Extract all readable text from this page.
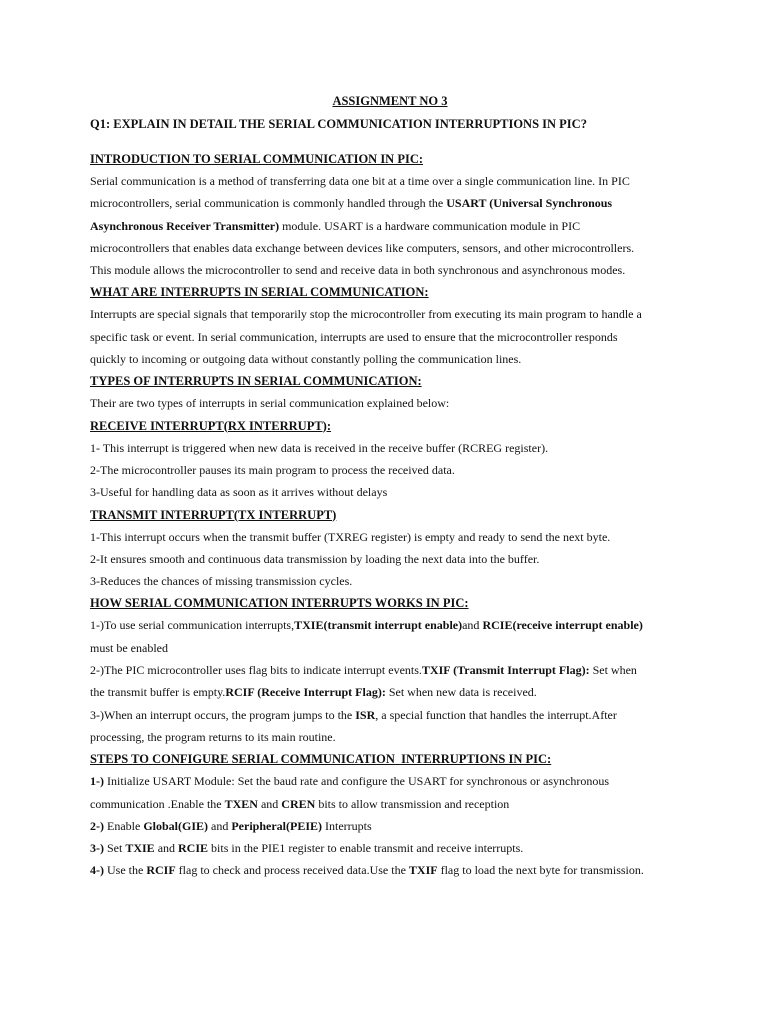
ASSIGNMENT NO 3
Q1: EXPLAIN IN DETAIL THE SERIAL COMMUNICATION INTERRUPTIONS IN PIC?
INTRODUCTION TO SERIAL COMMUNICATION IN PIC:
Serial communication is a method of transferring data one bit at a time over a single communication line. In PIC
microcontrollers, serial communication is commonly handled through the USART (Universal Synchronous
Asynchronous Receiver Transmitter) module. USART is a hardware communication module in PIC
microcontrollers that enables data exchange between devices like computers, sensors, and other microcontrollers.
This module allows the microcontroller to send and receive data in both synchronous and asynchronous modes.
WHAT ARE INTERRUPTS IN SERIAL COMMUNICATION:
Interrupts are special signals that temporarily stop the microcontroller from executing its main program to handle a
specific task or event. In serial communication, interrupts are used to ensure that the microcontroller responds
quickly to incoming or outgoing data without constantly polling the communication lines.
TYPES OF INTERRUPTS IN SERIAL COMMUNICATION:
Their are two types of interrupts in serial communication explained below:
RECEIVE INTERRUPT(RX INTERRUPT):
1- This interrupt is triggered when new data is received in the receive buffer (RCREG register).
2-The microcontroller pauses its main program to process the received data.
3-Useful for handling data as soon as it arrives without delays
TRANSMIT INTERRUPT(TX INTERRUPT)
1-This interrupt occurs when the transmit buffer (TXREG register) is empty and ready to send the next byte.
2-It ensures smooth and continuous data transmission by loading the next data into the buffer.
3-Reduces the chances of missing transmission cycles.
HOW SERIAL COMMUNICATION INTERRUPTS WORKS IN PIC:
1-)To use serial communication interrupts,TXIE(transmit interrupt enable)and RCIE(receive interrupt enable)
must be enabled
2-)The PIC microcontroller uses flag bits to indicate interrupt events.TXIF (Transmit Interrupt Flag): Set when
the transmit buffer is empty.RCIF (Receive Interrupt Flag): Set when new data is received.
3-)When an interrupt occurs, the program jumps to the ISR, a special function that handles the interrupt.After
processing, the program returns to its main routine.
STEPS TO CONFIGURE SERIAL COMMUNICATION  INTERRUPTIONS IN PIC:
1-) Initialize USART Module: Set the baud rate and configure the USART for synchronous or asynchronous
communication .Enable the TXEN and CREN bits to allow transmission and reception
2-) Enable Global(GIE) and Peripheral(PEIE) Interrupts
3-) Set TXIE and RCIE bits in the PIE1 register to enable transmit and receive interrupts.
4-) Use the RCIF flag to check and process received data.Use the TXIF flag to load the next byte for transmission.
